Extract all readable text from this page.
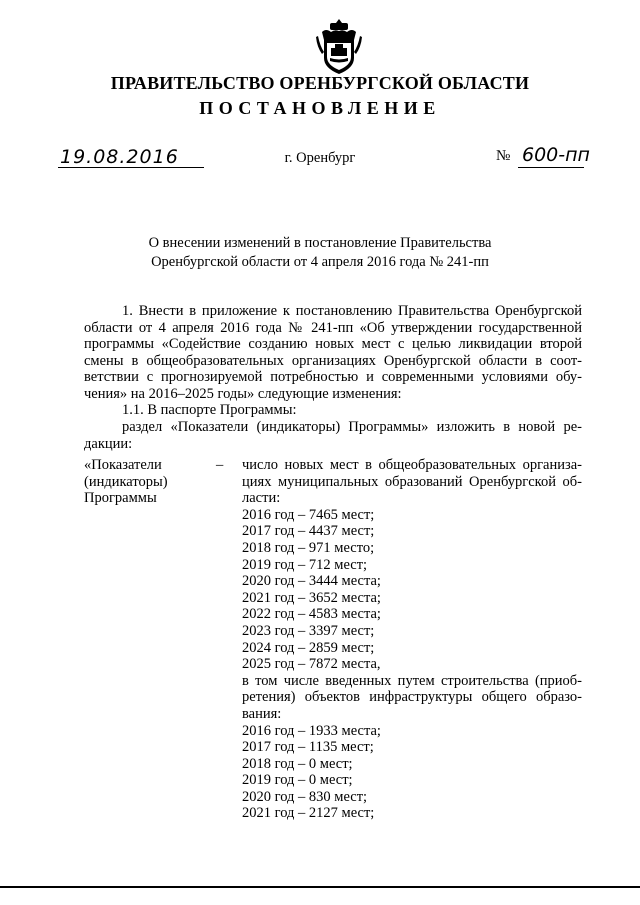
ПРАВИТЕЛЬСТВО ОРЕНБУРГСКОЙ ОБЛАСТИ
ПОСТАНОВЛЕНИЕ
19.08.2016	г. Оренбург	№ 600-пп
О внесении изменений в постановление Правительства
Оренбургской области от 4 апреля 2016 года № 241-пп
1. Внести в приложение к постановлению Правительства Оренбургской
области от 4 апреля 2016 года № 241-пп «Об утверждении государственной
программы «Содействие созданию новых мест с целью ликвидации второй
смены в общеобразовательных организациях Оренбургской области в соот-
ветствии с прогнозируемой потребностью и современными условиями обу-
чения» на 2016–2025 годы» следующие изменения:
1.1. В паспорте Программы:
раздел «Показатели (индикаторы) Программы» изложить в новой ре-
дакции:
«Показатели
(индикаторы)
Программы
– число новых мест в общеобразовательных организа-
циях муниципальных образований Оренбургской об-
ласти:
2016 год – 7465 мест;
2017 год – 4437 мест;
2018 год – 971 место;
2019 год – 712 мест;
2020 год – 3444 места;
2021 год – 3652 места;
2022 год – 4583 места;
2023 год – 3397 мест;
2024 год – 2859 мест;
2025 год – 7872 места,
в том числе введенных путем строительства (приоб-
ретения) объектов инфраструктуры общего образо-
вания:
2016 год – 1933 места;
2017 год – 1135 мест;
2018 год – 0 мест;
2019 год – 0 мест;
2020 год – 830 мест;
2021 год – 2127 мест;
